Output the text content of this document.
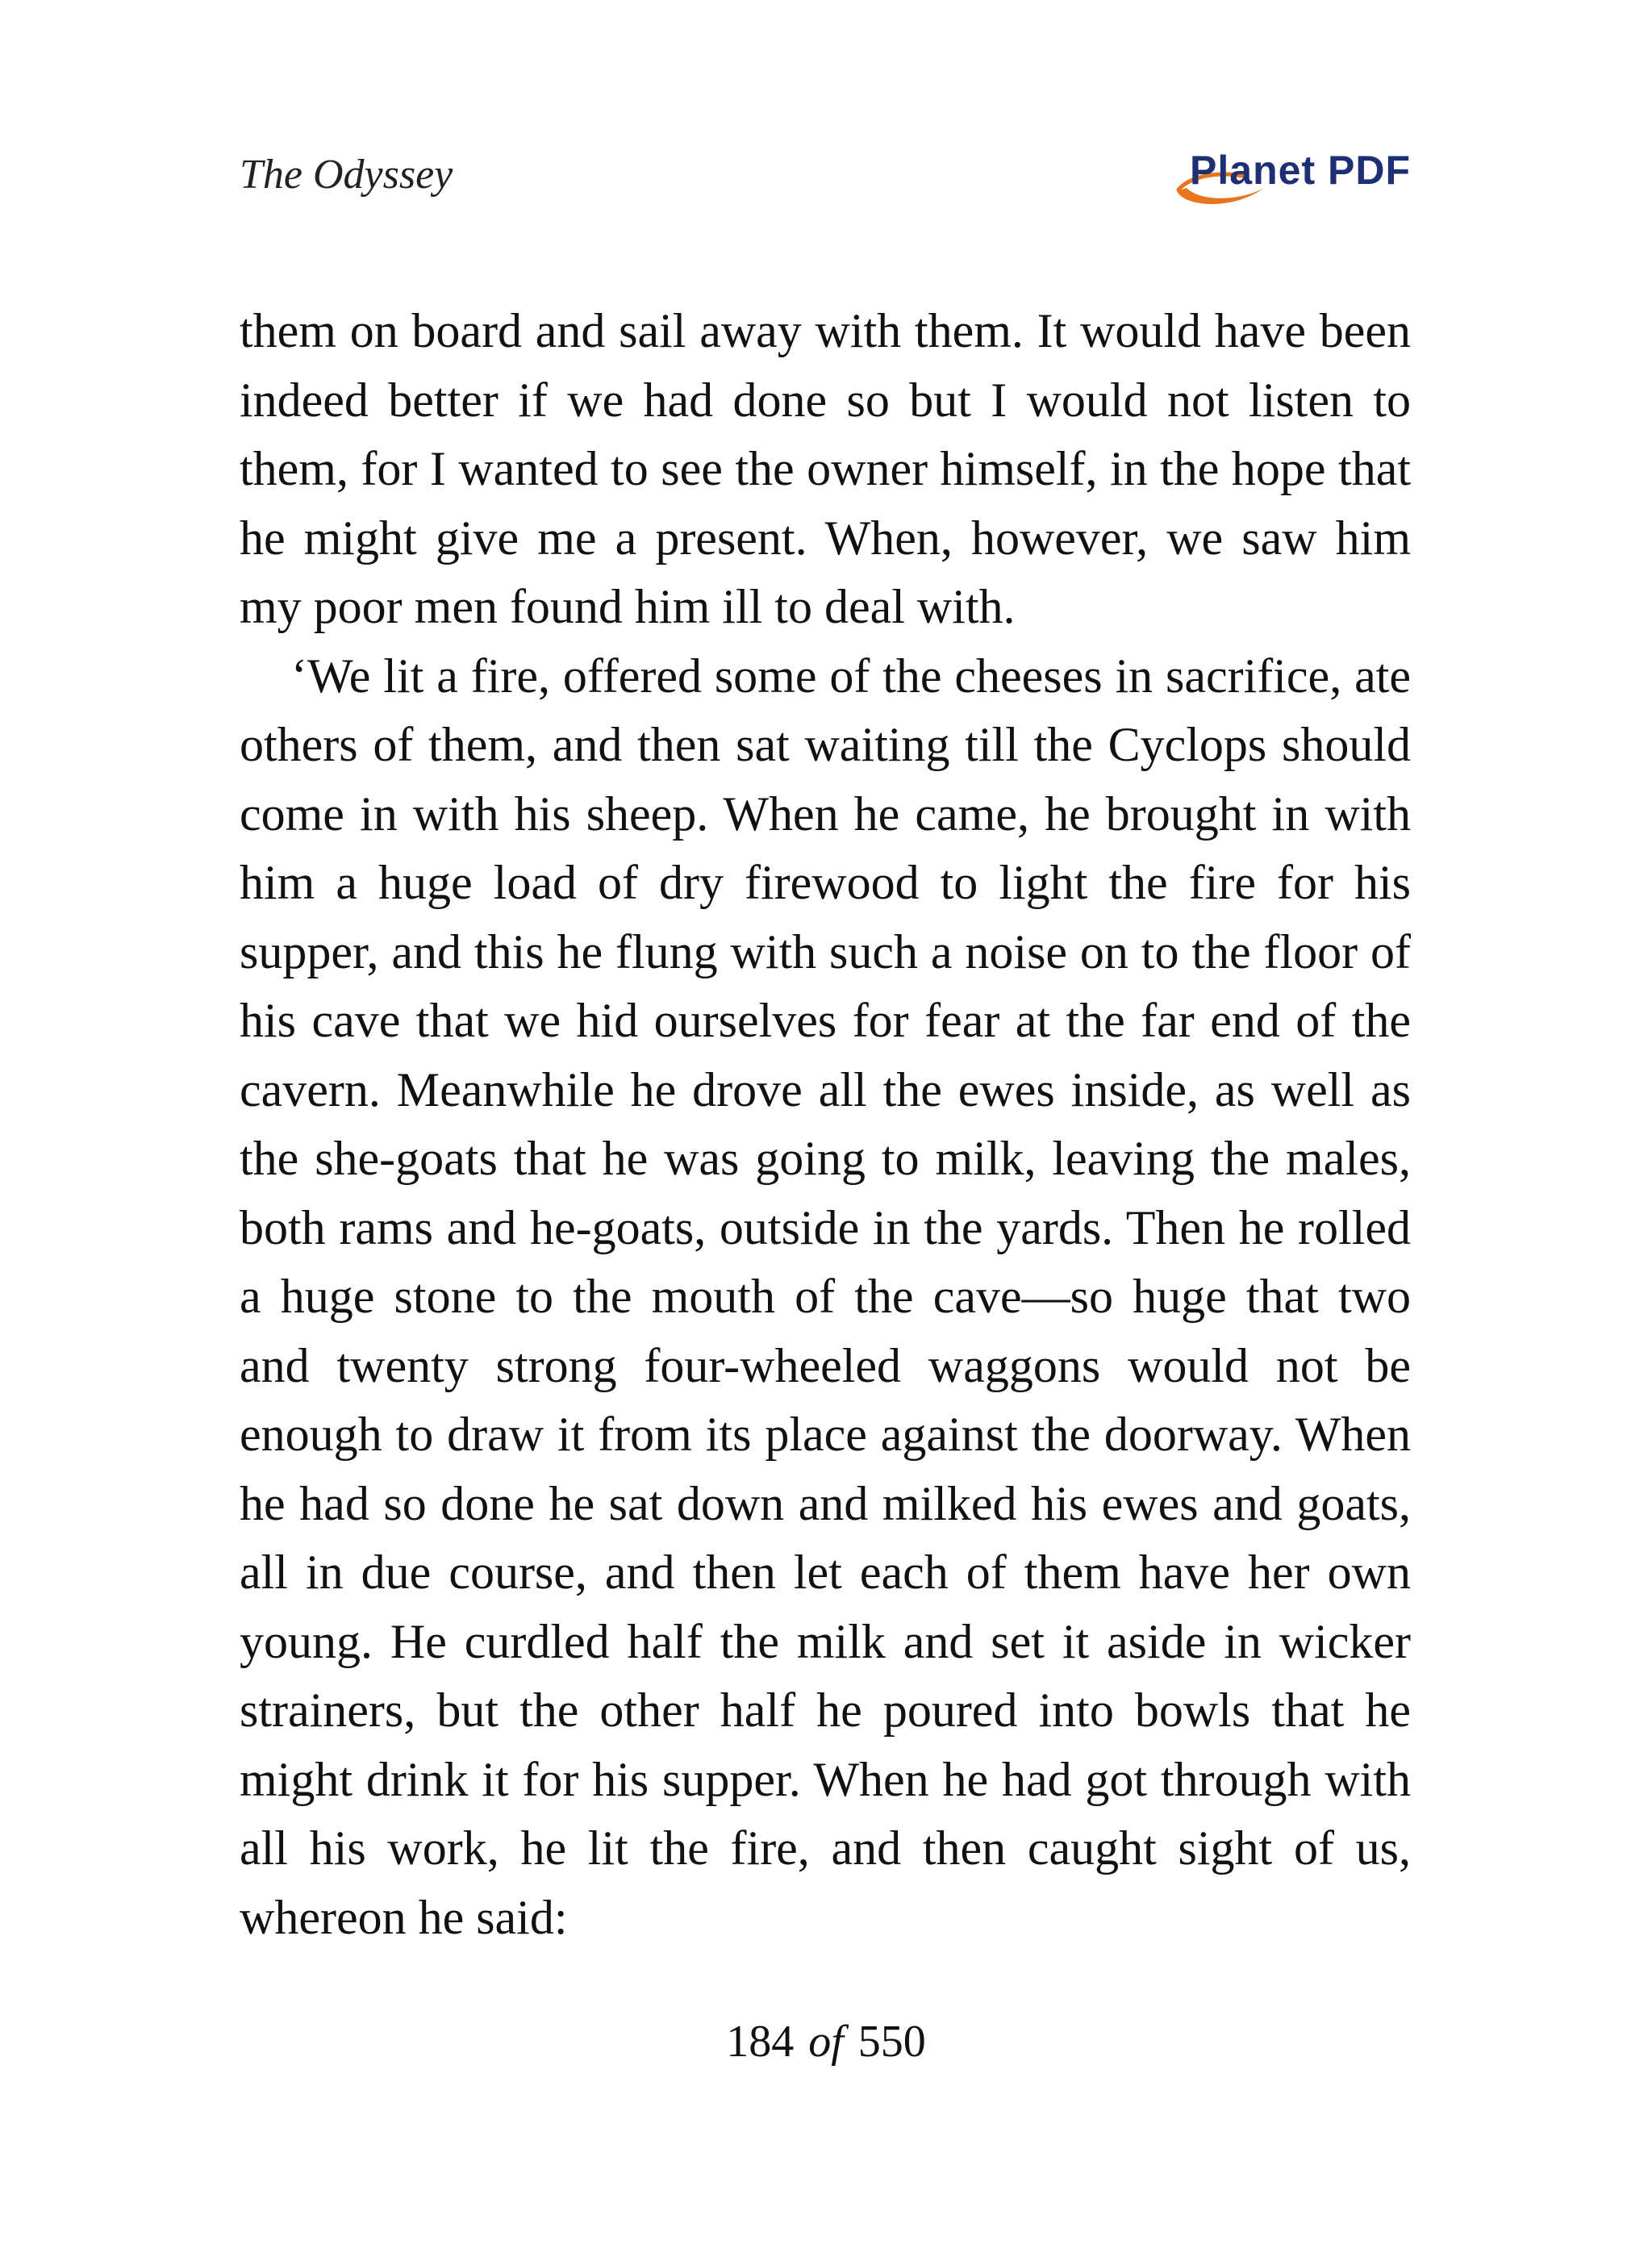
The Odyssey	Planet PDF

them on board and sail away with them. It would have been indeed better if we had done so but I would not listen to them, for I wanted to see the owner himself, in the hope that he might give me a present. When, however, we saw him my poor men found him ill to deal with.

‘We lit a fire, offered some of the cheeses in sacrifice, ate others of them, and then sat waiting till the Cyclops should come in with his sheep. When he came, he brought in with him a huge load of dry firewood to light the fire for his supper, and this he flung with such a noise on to the floor of his cave that we hid ourselves for fear at the far end of the cavern. Meanwhile he drove all the ewes inside, as well as the she-goats that he was going to milk, leaving the males, both rams and he-goats, outside in the yards. Then he rolled a huge stone to the mouth of the cave—so huge that two and twenty strong four-wheeled waggons would not be enough to draw it from its place against the doorway. When he had so done he sat down and milked his ewes and goats, all in due course, and then let each of them have her own young. He curdled half the milk and set it aside in wicker strainers, but the other half he poured into bowls that he might drink it for his supper. When he had got through with all his work, he lit the fire, and then caught sight of us, whereon he said:

184 of 550
